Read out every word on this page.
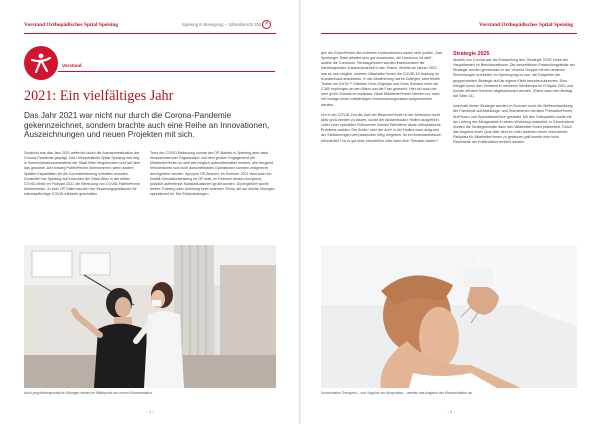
Vorstand Orthopädisches Spital Speising
Vorstand
2021: Ein vielfältiges Jahr
Das Jahr 2021 war nicht nur durch die Corona-Pandemie gekennzeichnet, sondern brachte auch eine Reihe an Innovationen, Auszeichnungen und neuen Projekten mit sich.

Zunächst war das Jahr 2021 weiterhin durch die Ausnahmesituation der Corona-Pandemie geprägt. Das Orthopädische Spital Speising war eng in Kommunikationsnetzwerke der Stadt Wien eingebunden und hat über das gesamte Jahr hinweg Patient*innen übernommen, wenn andere Spitäler Kapazitäten für die Coronabetreuung vorhalten mussten. Zusätzlich hat Speising auf Ersuchen der Stadt Wien in der dritten COVID-Welle im Frühjahr 2021 die Betreuung von COVID-Patient*innen übernommen. In zwei OP-Sälen wurden vier Beatmungspositionen für intensivpflichtige COVID-Infizierte geschaffen.

Trotz der COVID-Betreuung konnte der OP-Betrieb in Speising aber dank herausfordernder Organisation und dem großen Engagement der Mitarbeiter*innen so weit wie möglich aufrechterhalten werden, alle dringend erforderlichen und nicht aufschiebbaren Operationen konnten zeitgerecht durchgeführt werden. Apropos OP-Bereich: Im Sommer 2021 fand auch ein Notfall-Simulationstraining im OP statt, im Rahmen dessen komplexe, plötzlich auftretende Notfallsituationen geübt wurden. Durchgeführt wurde dieses Training unter Anleitung einer externen Firma, die auf solche Übungen spezialisiert ist. Die Rückmeldungen

Auch physiotherapeutische Übungen stehen im Mittelpunkt der neuen Wochenstation.
– 4 –
Vorstand Orthopädisches Spital Speising

gen der Expert*innen des externen Unternehmens waren sehr positiv: „Das Speisinger Team arbeitet sehr gut zusammen, die Lernkurve ist steil“, lautete die Conclusio. Herausgehoben wurden insbesondere die interdisziplinäre Zusammenarbeit in den Teams. Bereits ab Jänner 2021 war es uns möglich, unseren Mitarbeiter*innen die COVID-19-Impfung im Krankenhaus anzubieten. In der Abstimmung hat es Kollegen, aber fehlen Teams um GA Dr.** Gabriele Horn-Grigerjan und Doris Schrank mehr als 2.300 Impfungen an den Mann und die Frau gebracht. Hier sei auch der sehr große Einsatz im Impfpass. Neue Mitarbeiter*innen können nur noch mit Vorlage eines vollständigen Immunisierungsstatus aufgenommen werden.

Um in der COVID-Zeit die Zahl der Besucher*innen in der Ambulanz recht aktiv groß werden zu lassen, wurde die Akutambulanz Hotline ausgeführt. Unter einer speziellen Rufnummer können Betroffene akute orthopädische Probleme melden. Die Ärztin* oder der Arzt* in der Hotline kann aufgrund der Schilderungen des passenden Weg vorgeben: Ist ein Ambulanzbesuch erforderlich? Ist er gut aber erforderlich oder kann eine Therapie warten?

Strategie 2025

Abseits von Corona war die Entwicklung des „Strategie 2025“ eines der Hauptthemen im Berichtszeitraum. Die wesentlichen Entwicklungsfelder der Strategie wurden gemeinsam in der Vinzenz Gruppe mit den anderen Einrichtungen erarbeitet, im Speising lag es nun, die Eckpfeiler der gruppenweiten Strategie auf die eigene Klinik herunterzubrechen. Dies erfolgte durch den Vorstand in mehreren Workshops im Frühjahr 2021 und konnte mit dem Sommer abgeschlossen werden. (Siehe dazu den Beitrag auf Seite 14).

Innerhalb dieser Strategie wurden im Sommer noch die Weiterentwicklung der Fachklinik auf Abteilungs- und Teamebenen mit allen Primarärzt*innen, Ärzt*innen und Spezialbereichen gestartet. Mit den Orthopäden sowie mit der Leitung der Akutgeriatrie in einem Workshop erarbeitet. In Einzelvideos wurden die Strategieinhalte dann den Mitarbeiter*innen präsentiert. Durch das Angebot eines Quiz über dem es unter anderem einen reservierten Parkplatz für Mitarbeiter*innen zu gewinnen galt konnte eine hohe Reichweite der Erklärvideos erreicht werden.

Konservative Therapien – von Yoga bis zur Akupunktur – werden das Angebot der Wochenstation ab.
– 5 –
Speising in Bewegung – Jahresbericht 2021 ×
